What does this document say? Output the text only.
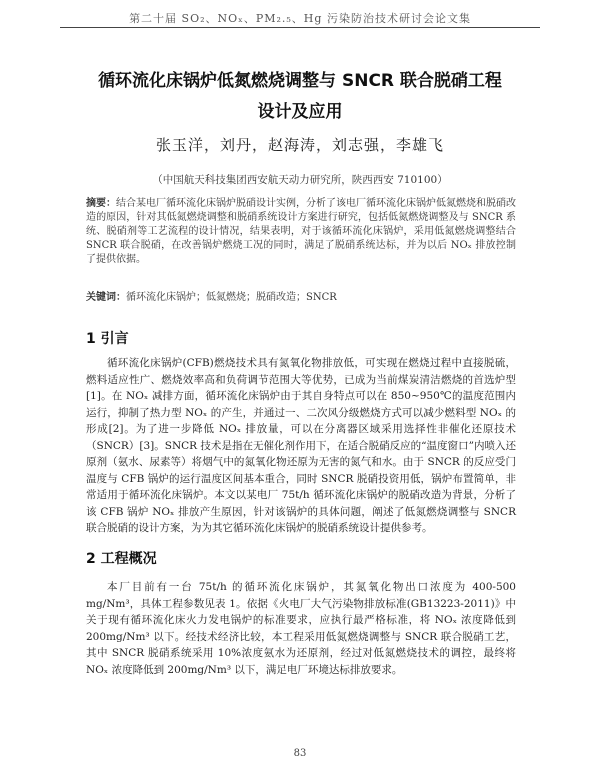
第二十届 SO₂、NOₓ、PM₂.₅、Hg 污染防治技术研讨会论文集
循环流化床锅炉低氮燃烧调整与 SNCR 联合脱硝工程
设计及应用
张玉洋，刘丹，赵海涛，刘志强，李雄飞
（中国航天科技集团西安航天动力研究所，陕西西安 710100）
摘要：结合某电厂循环流化床锅炉脱硝设计实例，分析了该电厂循环流化床锅炉低氮燃烧和脱硝改造的原因，针对其低氮燃烧调整和脱硝系统设计方案进行研究，包括低氮燃烧调整及与 SNCR 系统、脱硝剂等工艺流程的设计情况，结果表明，对于该循环流化床锅炉，采用低氮燃烧调整结合 SNCR 联合脱硝，在改善锅炉燃烧工况的同时，满足了脱硝系统达标，并为以后 NOₓ 排放控制了提供依据。
关键词：循环流化床锅炉；低氮燃烧；脱硝改造；SNCR
1 引言

循环流化床锅炉(CFB)燃烧技术具有氮氧化物排放低，可实现在燃烧过程中直接脱硫，燃料适应性广、燃烧效率高和负荷调节范围大等优势，已成为当前煤炭清洁燃烧的首选炉型[1]。在 NOₓ 减排方面，循环流化床锅炉由于其自身特点可以在 850~950℃的温度范围内运行，抑制了热力型 NOₓ 的产生，并通过一、二次风分级燃烧方式可以减少燃料型 NOₓ 的形成[2]。为了进一步降低 NOₓ 排放量，可以在分离器区域采用选择性非催化还原技术（SNCR）[3]。SNCR 技术是指在无催化剂作用下，在适合脱硝反应的“温度窗口”内喷入还原剂（氨水、尿素等）将烟气中的氮氧化物还原为无害的氮气和水。由于 SNCR 的反应受门温度与 CFB 锅炉的运行温度区间基本重合，同时 SNCR 脱硝投资用低，锅炉布置简单，非常适用于循环流化床锅炉。本文以某电厂 75t/h 循环流化床锅炉的脱硝改造为背景，分析了该 CFB 锅炉 NOₓ 排放产生原因，针对该锅炉的具体问题，阐述了低氮燃烧调整与 SNCR 联合脱硝的设计方案，为为其它循环流化床锅炉的脱硝系统设计提供参考。

2 工程概况

本厂目前有一台 75t/h 的循环流化床锅炉，其氮氧化物出口浓度为 400-500 mg/Nm³，具体工程参数见表 1。依据《火电厂大气污染物排放标准(GB13223-2011)》中关于现有循环流化床火力发电锅炉的标准要求，应执行最严格标准，将 NOₓ 浓度降低到 200mg/Nm³ 以下。经技术经济比较，本工程采用低氮燃烧调整与 SNCR 联合脱硝工艺，其中 SNCR 脱硝系统采用 10%浓度氨水为还原剂，经过对低氮燃烧技术的调控，最终将 NOₓ 浓度降低到 200mg/Nm³ 以下，满足电厂环境达标排放要求。

83
